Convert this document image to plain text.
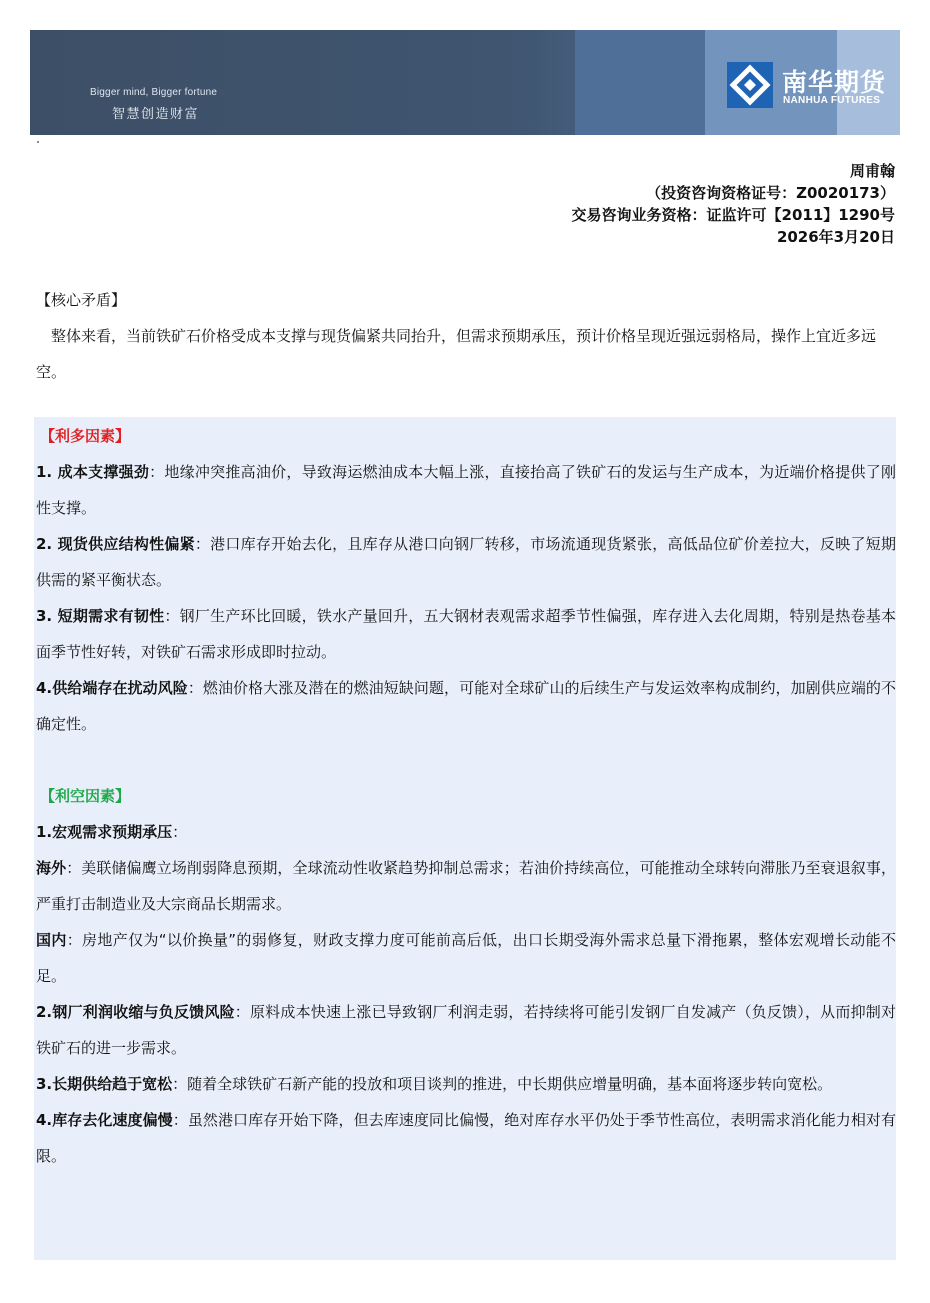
Bigger mind, Bigger fortune
智慧创造财富
南华期货
NANHUA FUTURES
周甫翰
（投资咨询资格证号：Z0020173）
交易咨询业务资格：证监许可【2011】1290号
2026年3月20日
【核心矛盾】
整体来看，当前铁矿石价格受成本支撑与现货偏紧共同抬升，但需求预期承压，预计价格呈现近强远弱格局，操作上宜近多远空。
【利多因素】
1. 成本支撑强劲：地缘冲突推高油价，导致海运燃油成本大幅上涨，直接抬高了铁矿石的发运与生产成本，为近端价格提供了刚性支撑。
2. 现货供应结构性偏紧：港口库存开始去化，且库存从港口向钢厂转移，市场流通现货紧张，高低品位矿价差拉大，反映了短期供需的紧平衡状态。
3. 短期需求有韧性：钢厂生产环比回暖，铁水产量回升，五大钢材表观需求超季节性偏强，库存进入去化周期，特别是热卷基本面季节性好转，对铁矿石需求形成即时拉动。
4.供给端存在扰动风险：燃油价格大涨及潜在的燃油短缺问题，可能对全球矿山的后续生产与发运效率构成制约，加剧供应端的不确定性。
【利空因素】
1.宏观需求预期承压：
海外：美联储偏鹰立场削弱降息预期，全球流动性收紧趋势抑制总需求；若油价持续高位，可能推动全球转向滞胀乃至衰退叙事，严重打击制造业及大宗商品长期需求。
国内：房地产仅为“以价换量”的弱修复，财政支撑力度可能前高后低，出口长期受海外需求总量下滑拖累，整体宏观增长动能不足。
2.钢厂利润收缩与负反馈风险：原料成本快速上涨已导致钢厂利润走弱，若持续将可能引发钢厂自发减产（负反馈），从而抑制对铁矿石的进一步需求。
3.长期供给趋于宽松：随着全球铁矿石新产能的投放和项目谈判的推进，中长期供应增量明确，基本面将逐步转向宽松。
4.库存去化速度偏慢：虽然港口库存开始下降，但去库速度同比偏慢，绝对库存水平仍处于季节性高位，表明需求消化能力相对有限。
